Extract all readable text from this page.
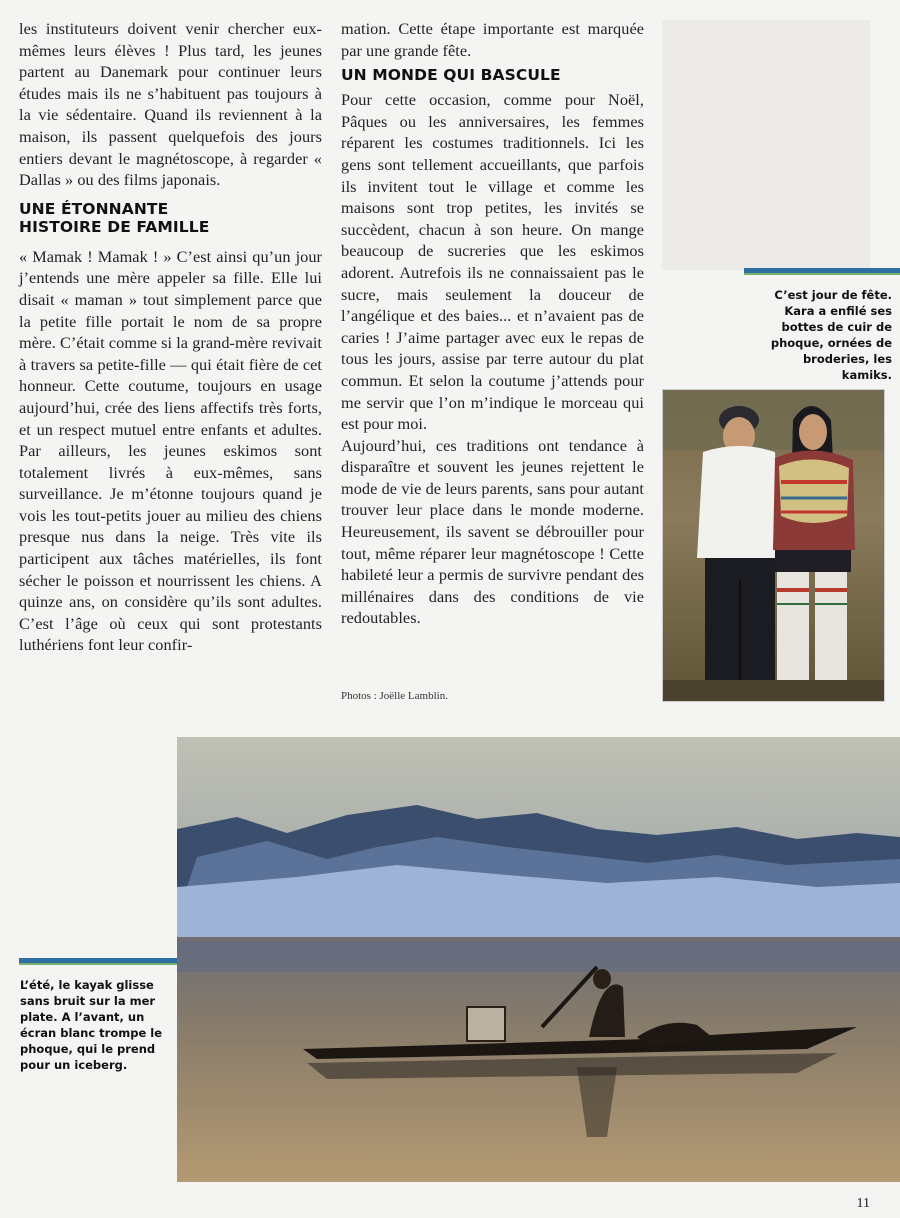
les instituteurs doivent venir chercher eux-mêmes leurs élèves ! Plus tard, les jeunes partent au Danemark pour continuer leurs études mais ils ne s’habituent pas toujours à la vie sédentaire. Quand ils reviennent à la maison, ils passent quelquefois des jours entiers devant le magnétoscope, à regarder « Dallas » ou des films japonais.

UNE ÉTONNANTE
HISTOIRE DE FAMILLE

« Mamak ! Mamak ! » C’est ainsi qu’un jour j’entends une mère appeler sa fille. Elle lui disait « maman » tout simplement parce que la petite fille portait le nom de sa propre mère. C’était comme si la grand-mère revivait à travers sa petite-fille — qui était fière de cet honneur. Cette coutume, toujours en usage aujourd’hui, crée des liens affectifs très forts, et un respect mutuel entre enfants et adultes. Par ailleurs, les jeunes eskimos sont totalement livrés à eux-mêmes, sans surveillance. Je m’étonne toujours quand je vois les tout-petits jouer au milieu des chiens presque nus dans la neige. Très vite ils participent aux tâches matérielles, ils font sécher le poisson et nourrissent les chiens. A quinze ans, on considère qu’ils sont adultes. C’est l’âge où ceux qui sont protestants luthériens font leur confir-

mation. Cette étape importante est marquée par une grande fête.

UN MONDE QUI BASCULE

Pour cette occasion, comme pour Noël, Pâques ou les anniversaires, les femmes réparent les costumes traditionnels. Ici les gens sont tellement accueillants, que parfois ils invitent tout le village et comme les maisons sont trop petites, les invités se succèdent, chacun à son heure. On mange beaucoup de sucreries que les eskimos adorent. Autrefois ils ne connaissaient pas le sucre, mais seulement la douceur de l’angélique et des baies... et n’avaient pas de caries ! J’aime partager avec eux le repas de tous les jours, assise par terre autour du plat commun. Et selon la coutume j’attends pour me servir que l’on m’indique le morceau qui est pour moi.

Aujourd’hui, ces traditions ont tendance à disparaître et souvent les jeunes rejettent le mode de vie de leurs parents, sans pour autant trouver leur place dans le monde moderne. Heureusement, ils savent se débrouiller pour tout, même réparer leur magnétoscope ! Cette habileté leur a permis de survivre pendant des millénaires dans des conditions de vie redoutables.

Photos : Joëlle Lamblin.

C’est jour de fête. Kara a enfilé ses bottes de cuir de phoque, ornées de broderies, les kamiks.

L’été, le kayak glisse sans bruit sur la mer plate. A l’avant, un écran blanc trompe le phoque, qui le prend pour un iceberg.

11
